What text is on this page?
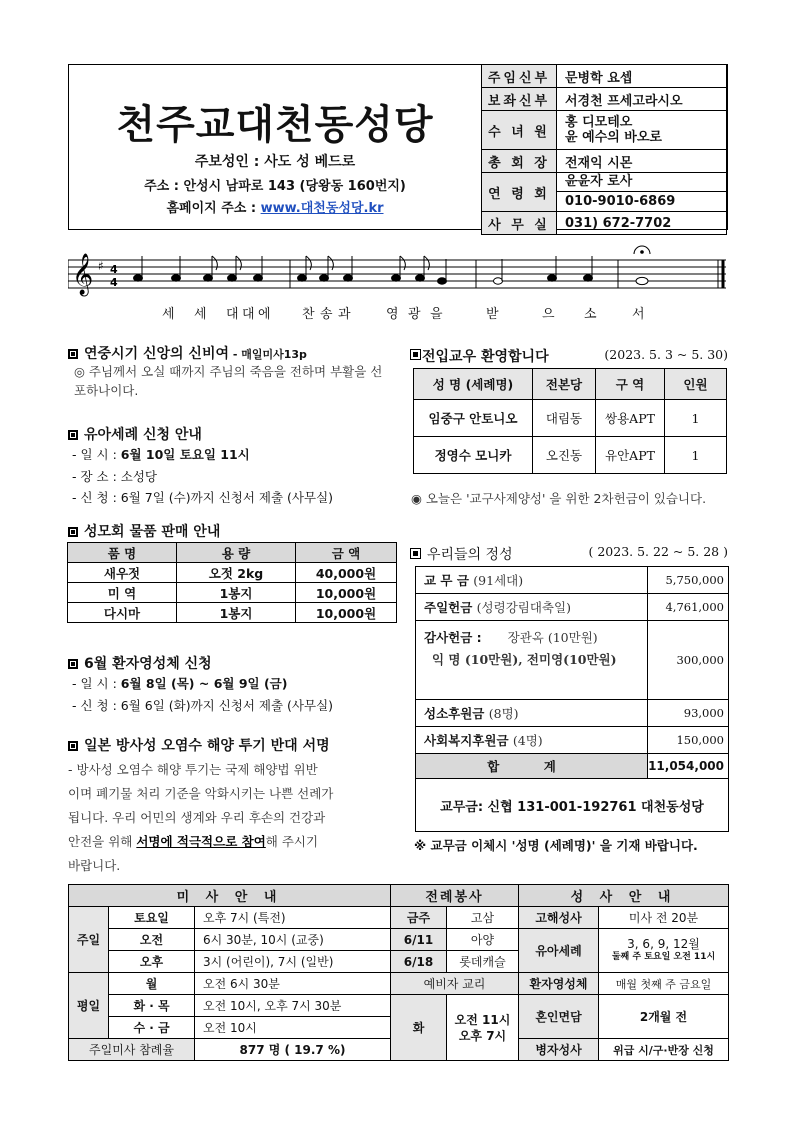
천주교대천동성당
주보성인 : 사도 성 베드로
주소 : 안성시 남파로 143 (당왕동 160번지)
홈페이지 주소 : www.대천동성당.kr
주임신부	문병학 요셉
보좌신부	서경천 프세고라시오
수 녀 원	홍 디모테오
윤 예수의 바오로

총 회 장	전재익 시몬
연 령 회	윤윤자 로사
010-9010-6869

사 무 실	031) 672-7702
𝄞 ♯ 4
4
세 세 대 대 에 찬 송 과	영 광 을	받	으 소	서
연중시기 신앙의 신비여 - 매일미사13p
◎ 주님께서 오실 때까지 주님의 죽음을 전하며 부활을 선포하나이다.
유아세례 신청 안내
- 일 시 : 6월 10일 토요일 11시
- 장 소 : 소성당
- 신 청 : 6월 7일 (수)까지 신청서 제출 (사무실)
성모회 물품 판매 안내
품 명	용 량	금 액
새우젓	오젓 2kg	40,000원
미 역	1봉지	10,000원
다시마	1봉지	10,000원
6월 환자영성체 신청
- 일 시 : 6월 8일 (목) ~ 6월 9일 (금)
- 신 청 : 6월 6일 (화)까지 신청서 제출 (사무실)
일본 방사성 오염수 해양 투기 반대 서명
- 방사성 오염수 해양 투기는 국제 해양법 위반
이며 폐기물 처리 기준을 악화시키는 나쁜 선례가
됩니다. 우리 어민의 생계와 우리 후손의 건강과
안전을 위해 서명에 적극적으로 참여해 주시기
바랍니다.
전입교우 환영합니다	(2023. 5. 3 ~ 5. 30)
성 명 (세례명)	전본당	구 역	인원
임중구 안토니오	대림동	쌍용APT	1
정영수 모니카	오진동	유안APT	1
◉ 오늘은 '교구사제양성' 을 위한 2차헌금이 있습니다.
우리들의 정성	( 2023. 5. 22 ~ 5. 28 )
교 무 금 (91세대)	5,750,000
주일헌금 (성령강림대축일)	4,761,000

감사헌금 : 장관옥 (10만원)
익 명 (10만원), 전미영(10만원)	300,000
성소후원금 (8명)	93,000
사회복지후원금 (4명)	150,000
합 계	11,054,000
교무금: 신협 131-001-192761 대천동성당	
※ 교무금 이체시 '성명 (세례명)' 을 기재 바랍니다.
미 사 안 내			전례봉사		성 사 안 내	
주일	토요일	오후 7시 (특전)	금주	고삼	고해성사	미사 전 20분
	오전	6시 30분, 10시 (교중)	6/11	아양	유아세례	3, 6, 9, 12월
둘째 주 토요일 오전 11시

	오후	3시 (어린이), 7시 (일반)	6/18	롯데캐슬		
평일	월	오전 6시 30분	예비자 교리		환자영성체	매월 첫째 주 금요일
	화 · 목	오전 10시, 오후 7시 30분	화	오전 11시
오후 7시	혼인면담	2개월 전
	수 · 금	오전 10시				
주일미사 참례율		877 명 ( 19.7 %)			병자성사	위급 시/구·반장 신청
